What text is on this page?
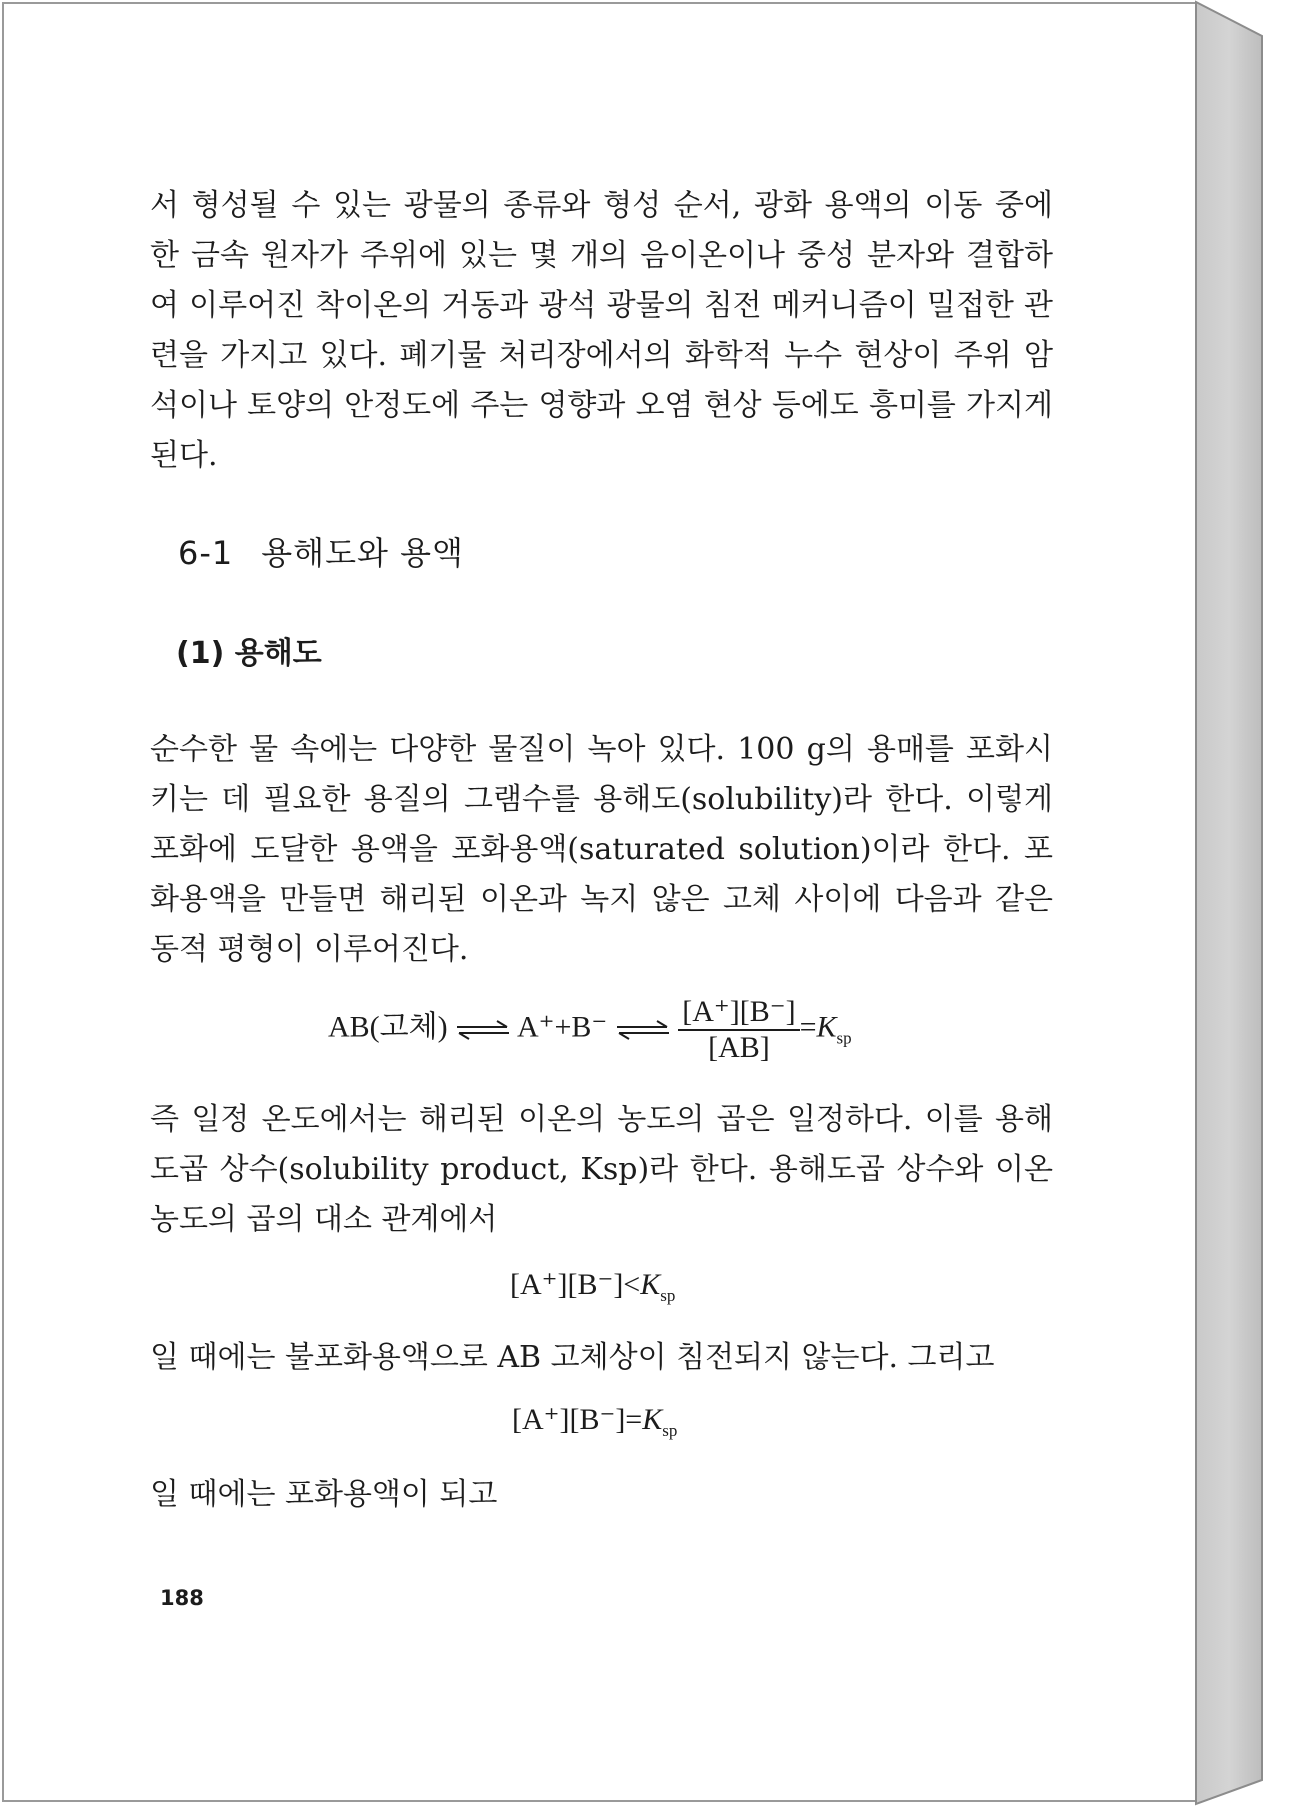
서 형성될 수 있는 광물의 종류와 형성 순서, 광화 용액의 이동 중에 한 금속 원자가 주위에 있는 몇 개의 음이온이나 중성 분자와 결합하여 이루어진 착이온의 거동과 광석 광물의 침전 메커니즘이 밀접한 관련을 가지고 있다. 폐기물 처리장에서의 화학적 누수 현상이 주위 암석이나 토양의 안정도에 주는 영향과 오염 현상 등에도 흥미를 가지게 된다.

6-1 용해도와 용액
(1) 용해도

순수한 물 속에는 다양한 물질이 녹아 있다. 100 g의 용매를 포화시키는 데 필요한 용질의 그램수를 용해도(solubility)라 한다. 이렇게 포화에 도달한 용액을 포화용액(saturated solution)이라 한다. 포화용액을 만들면 해리된 이온과 녹지 않은 고체 사이에 다음과 같은 동적 평형이 이루어진다.

AB(고체) ⇌ A⁺+B⁻ ⇌ $\frac{[A^+][B^-]}{[AB]} =K_{sp}$

즉 일정 온도에서는 해리된 이온의 농도의 곱은 일정하다. 이를 용해도곱 상수(solubility product, Ksp)라 한다. 용해도곱 상수와 이온 농도의 곱의 대소 관계에서

$[A^+][B^-]<K_{sp}$

일 때에는 불포화용액으로 AB 고체상이 침전되지 않는다. 그리고

$[A^+][B^-]=K_{sp}$

일 때에는 포화용액이 되고

188
